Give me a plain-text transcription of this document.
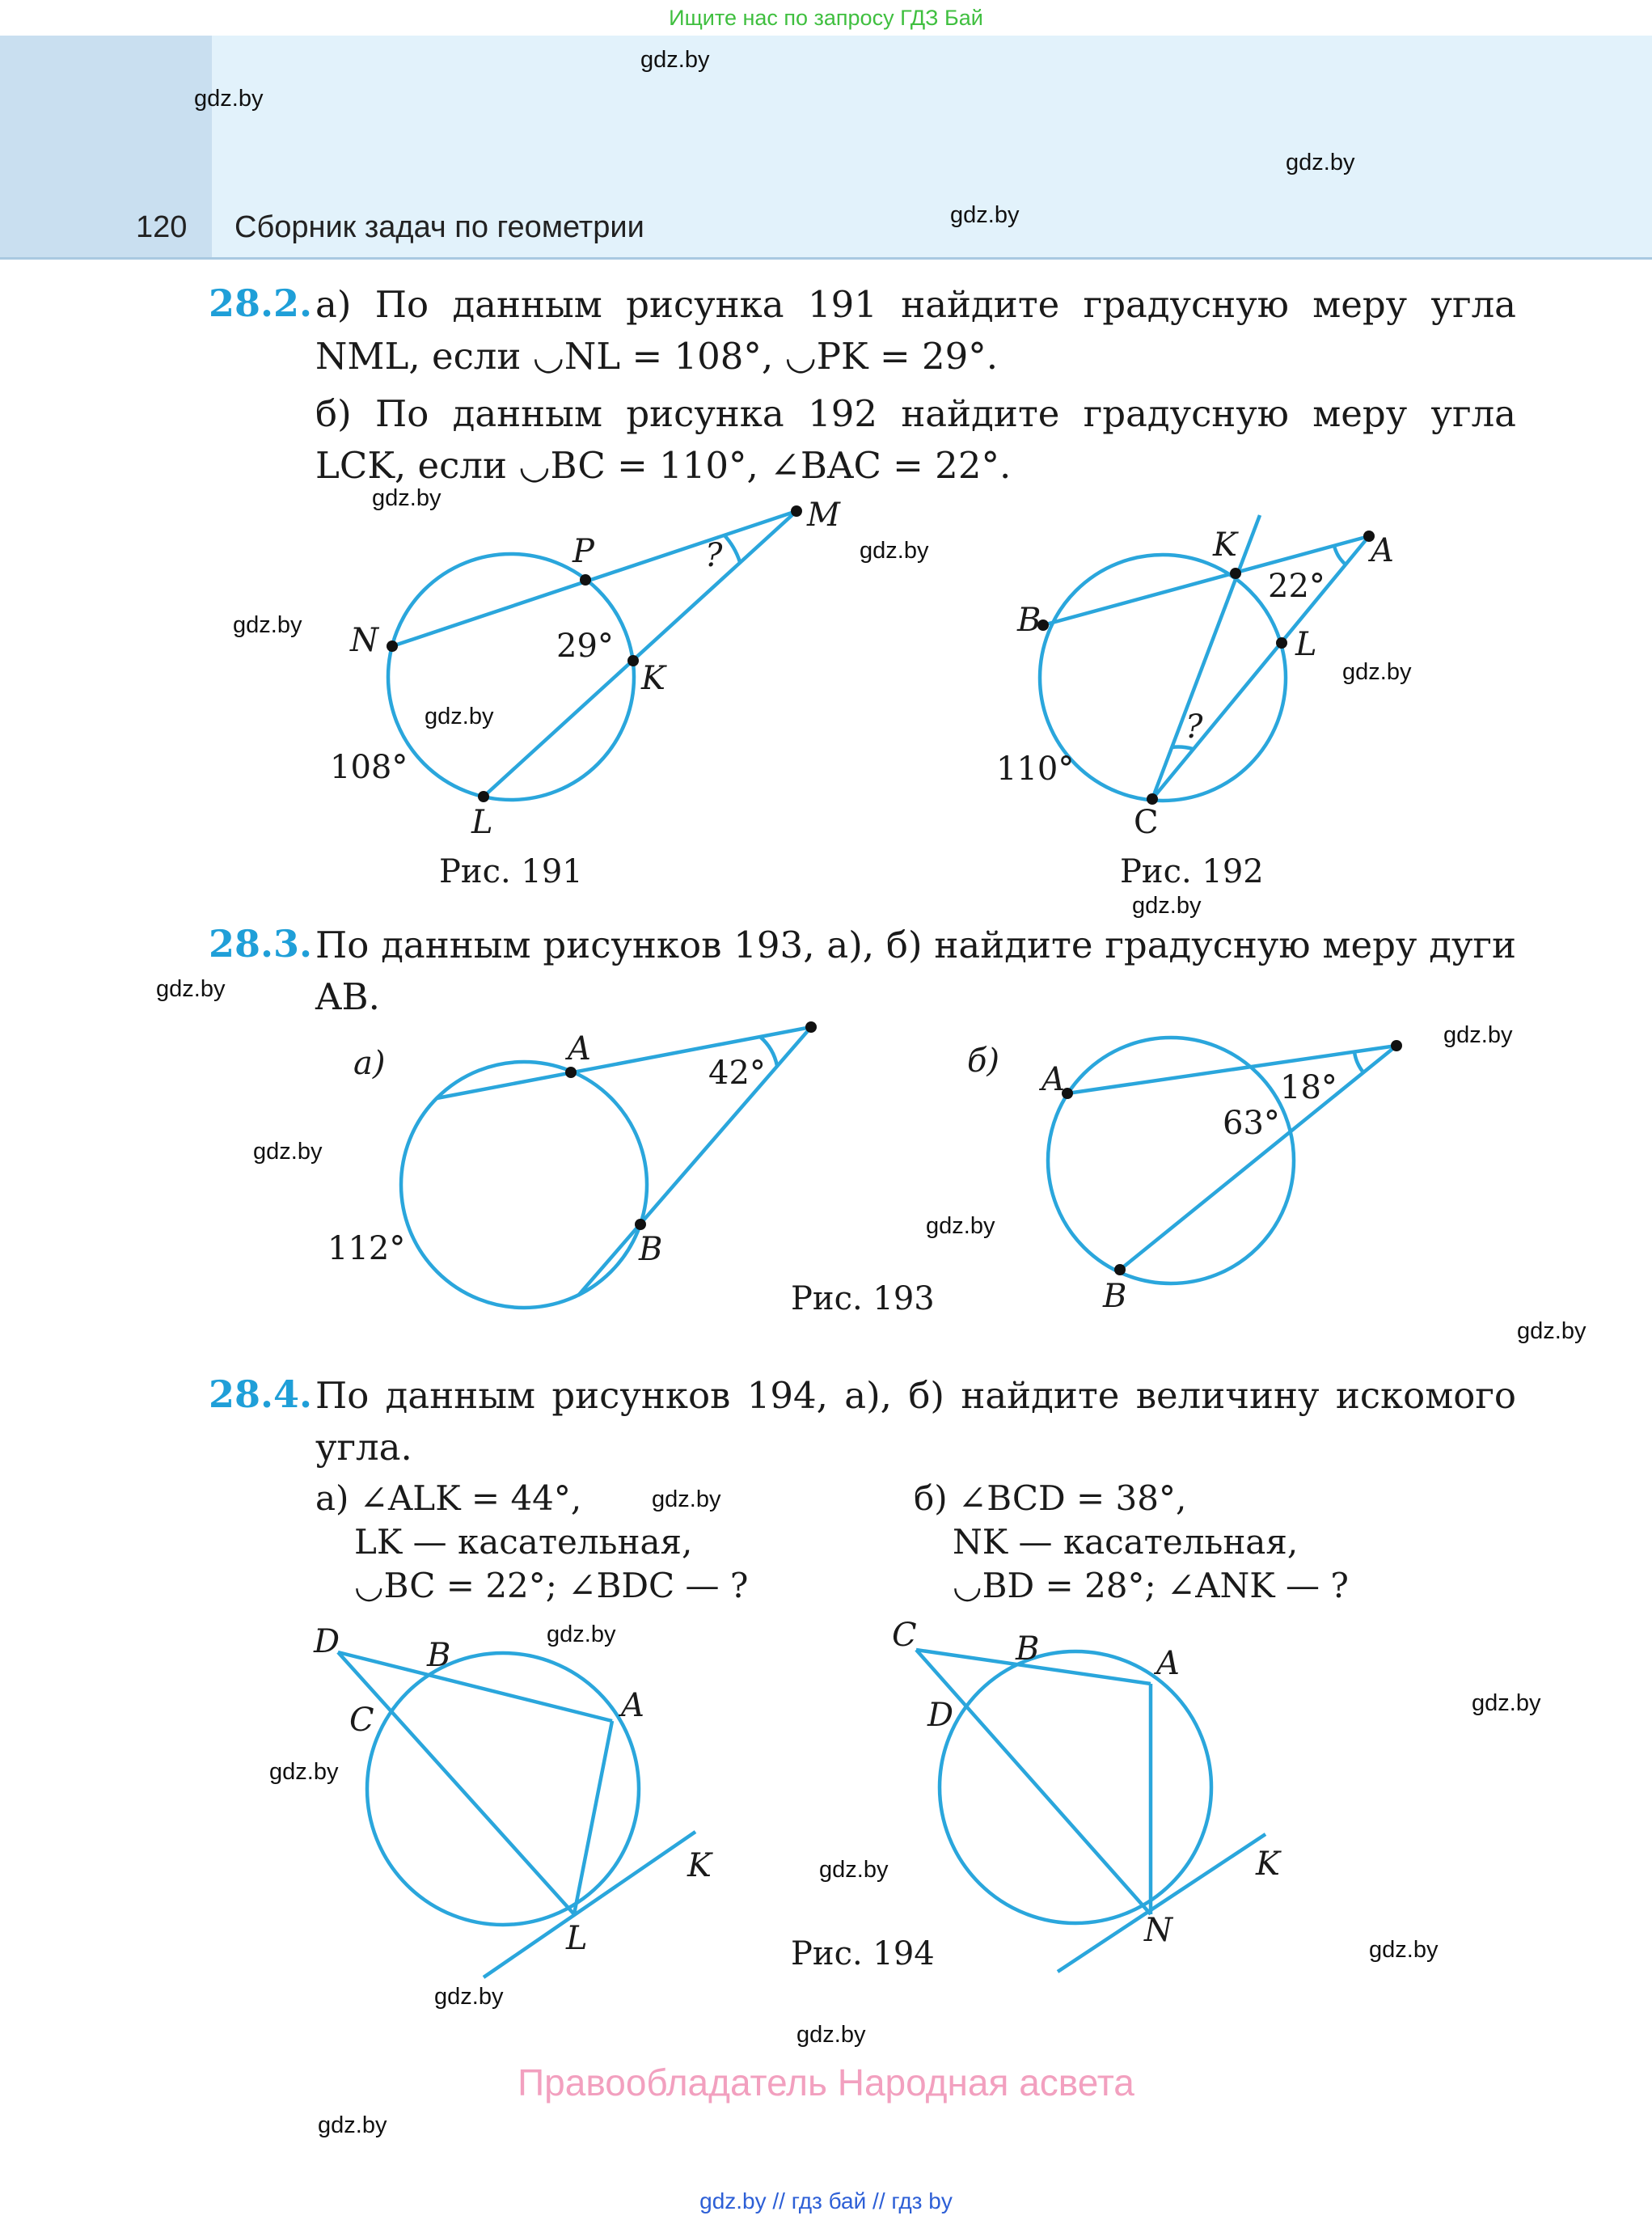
Ищите нас по запросу ГДЗ Бай
120 Сборник задач по геометрии
gdz.by
gdz.by
gdz.by
gdz.by
gdz.by
gdz.by
gdz.by
gdz.by
gdz.by
gdz.by
gdz.by
gdz.by
gdz.by
gdz.by
gdz.by
gdz.by
gdz.by
gdz.by
gdz.by
gdz.by
gdz.by
gdz.by
gdz.by
gdz.by
28.2. а) По данным рисунка 191 найдите градусную меру угла NML, если ◡NL = 108°, ◡PK = 29°.
б) По данным рисунка 192 найдите градусную меру угла LCK, если ◡BC = 110°, ∠BAC = 22°.
28.3. По данным рисунков 193, а), б) найдите градусную меру дуги AB.
28.4. По данным рисунков 194, а), б) найдите величину искомого угла.
а) ∠ALK = 44°,
LK — касательная,
◡BC = 22°; ∠BDC — ?
б) ∠BCD = 38°,
NK — касательная,
◡BD = 28°; ∠ANK — ?
Рис. 191	Рис. 192
Рис. 193
Рис. 194
P
M
?
N	29°
K
108°
L
K	A
22°
B
L
?
110°
C
а)	A
42°
112°	B
б) A	18°
63°
B
D	B
A
C
K
L
C	B	A
D
K
N
Правообладатель Народная асвета
gdz.by // гдз бай // гдз by
